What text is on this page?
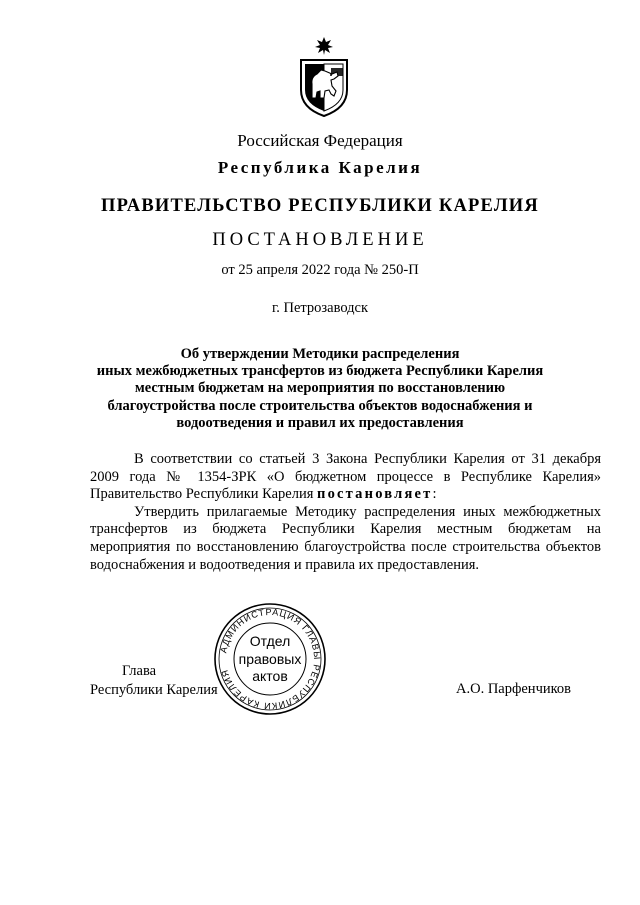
Российская Федерация
Республика Карелия
ПРАВИТЕЛЬСТВО РЕСПУБЛИКИ КАРЕЛИЯ
ПОСТАНОВЛЕНИЕ
от 25 апреля 2022 года № 250-П
г. Петрозаводск
Об утверждении Методики распределения
иных межбюджетных трансфертов из бюджета Республики Карелия
местным бюджетам на мероприятия по восстановлению
благоустройства после строительства объектов водоснабжения и
водоотведения и правил их предоставления

В соответствии со статьей 3 Закона Республики Карелия от 31 декабря 2009 года № 1354-ЗРК «О бюджетном процессе в Республике Карелия» Правительство Республики Карелия постановляет:

Утвердить прилагаемые Методику распределения иных межбюджетных трансфертов из бюджета Республики Карелия местным бюджетам на мероприятия по восстановлению благоустройства после строительства объектов водоснабжения и водоотведения и правила их предоставления.

Глава
Республики Карелия	А.О. Парфенчиков
АДМИНИСТРАЦИЯ ГЛАВЫ РЕСПУБЛИКИ КАРЕЛИЯ
Отдел
правовых
актов
